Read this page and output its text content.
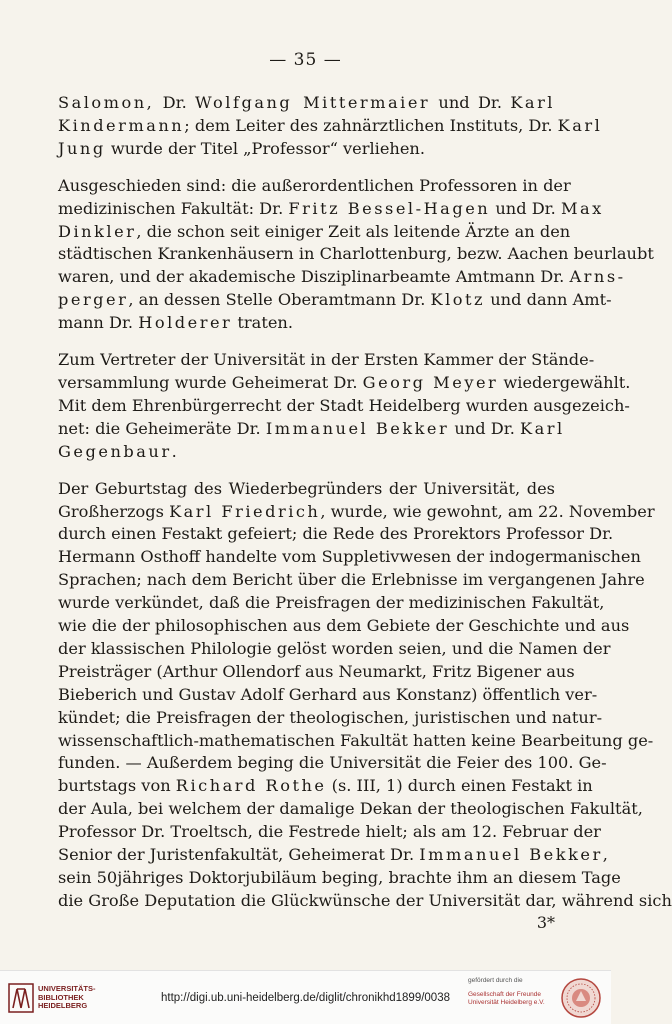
— 35 —

Salomon, Dr. Wolfgang Mittermaier und Dr. Karl
Kindermann; dem Leiter des zahnärztlichen Instituts, Dr. Karl
Jung wurde der Titel „Professor“ verliehen.

Ausgeschieden sind: die außerordentlichen Professoren in der
medizinischen Fakultät: Dr. Fritz Bessel-Hagen und Dr. Max
Dinkler, die schon seit einiger Zeit als leitende Ärzte an den
städtischen Krankenhäusern in Charlottenburg, bezw. Aachen beurlaubt
waren, und der akademische Disziplinarbeamte Amtmann Dr. Arns-
perger, an dessen Stelle Oberamtmann Dr. Klotz und dann Amt-
mann Dr. Holderer traten.

Zum Vertreter der Universität in der Ersten Kammer der Stände-
versammlung wurde Geheimerat Dr. Georg Meyer wiedergewählt.
Mit dem Ehrenbürgerrecht der Stadt Heidelberg wurden ausgezeich-
net: die Geheimeräte Dr. Immanuel Bekker und Dr. Karl
Gegenbaur.

Der Geburtstag des Wiederbegründers der Universität, des
Großherzogs Karl Friedrich, wurde, wie gewohnt, am 22. November
durch einen Festakt gefeiert; die Rede des Prorektors Professor Dr.
Hermann Osthoff handelte vom Suppletivwesen der indogermanischen
Sprachen; nach dem Bericht über die Erlebnisse im vergangenen Jahre
wurde verkündet, daß die Preisfragen der medizinischen Fakultät,
wie die der philosophischen aus dem Gebiete der Geschichte und aus
der klassischen Philologie gelöst worden seien, und die Namen der
Preisträger (Arthur Ollendorf aus Neumarkt, Fritz Bigener aus
Bieberich und Gustav Adolf Gerhard aus Konstanz) öffentlich ver-
kündet; die Preisfragen der theologischen, juristischen und natur-
wissenschaftlich-mathematischen Fakultät hatten keine Bearbeitung ge-
funden. — Außerdem beging die Universität die Feier des 100. Ge-
burtstags von Richard Rothe (s. III, 1) durch einen Festakt in
der Aula, bei welchem der damalige Dekan der theologischen Fakultät,
Professor Dr. Troeltsch, die Festrede hielt; als am 12. Februar der
Senior der Juristenfakultät, Geheimerat Dr. Immanuel Bekker,
sein 50jähriges Doktorjubiläum beging, brachte ihm an diesem Tage
die Große Deputation die Glückwünsche der Universität dar, während sich

3*
UNIVERSITÄTS-
BIBLIOTHEK
HEIDELBERG
http://digi.ub.uni-heidelberg.de/diglit/chronikhd1899/0038
gefördert durch die
Gesellschaft der Freunde
Universität Heidelberg e.V.
